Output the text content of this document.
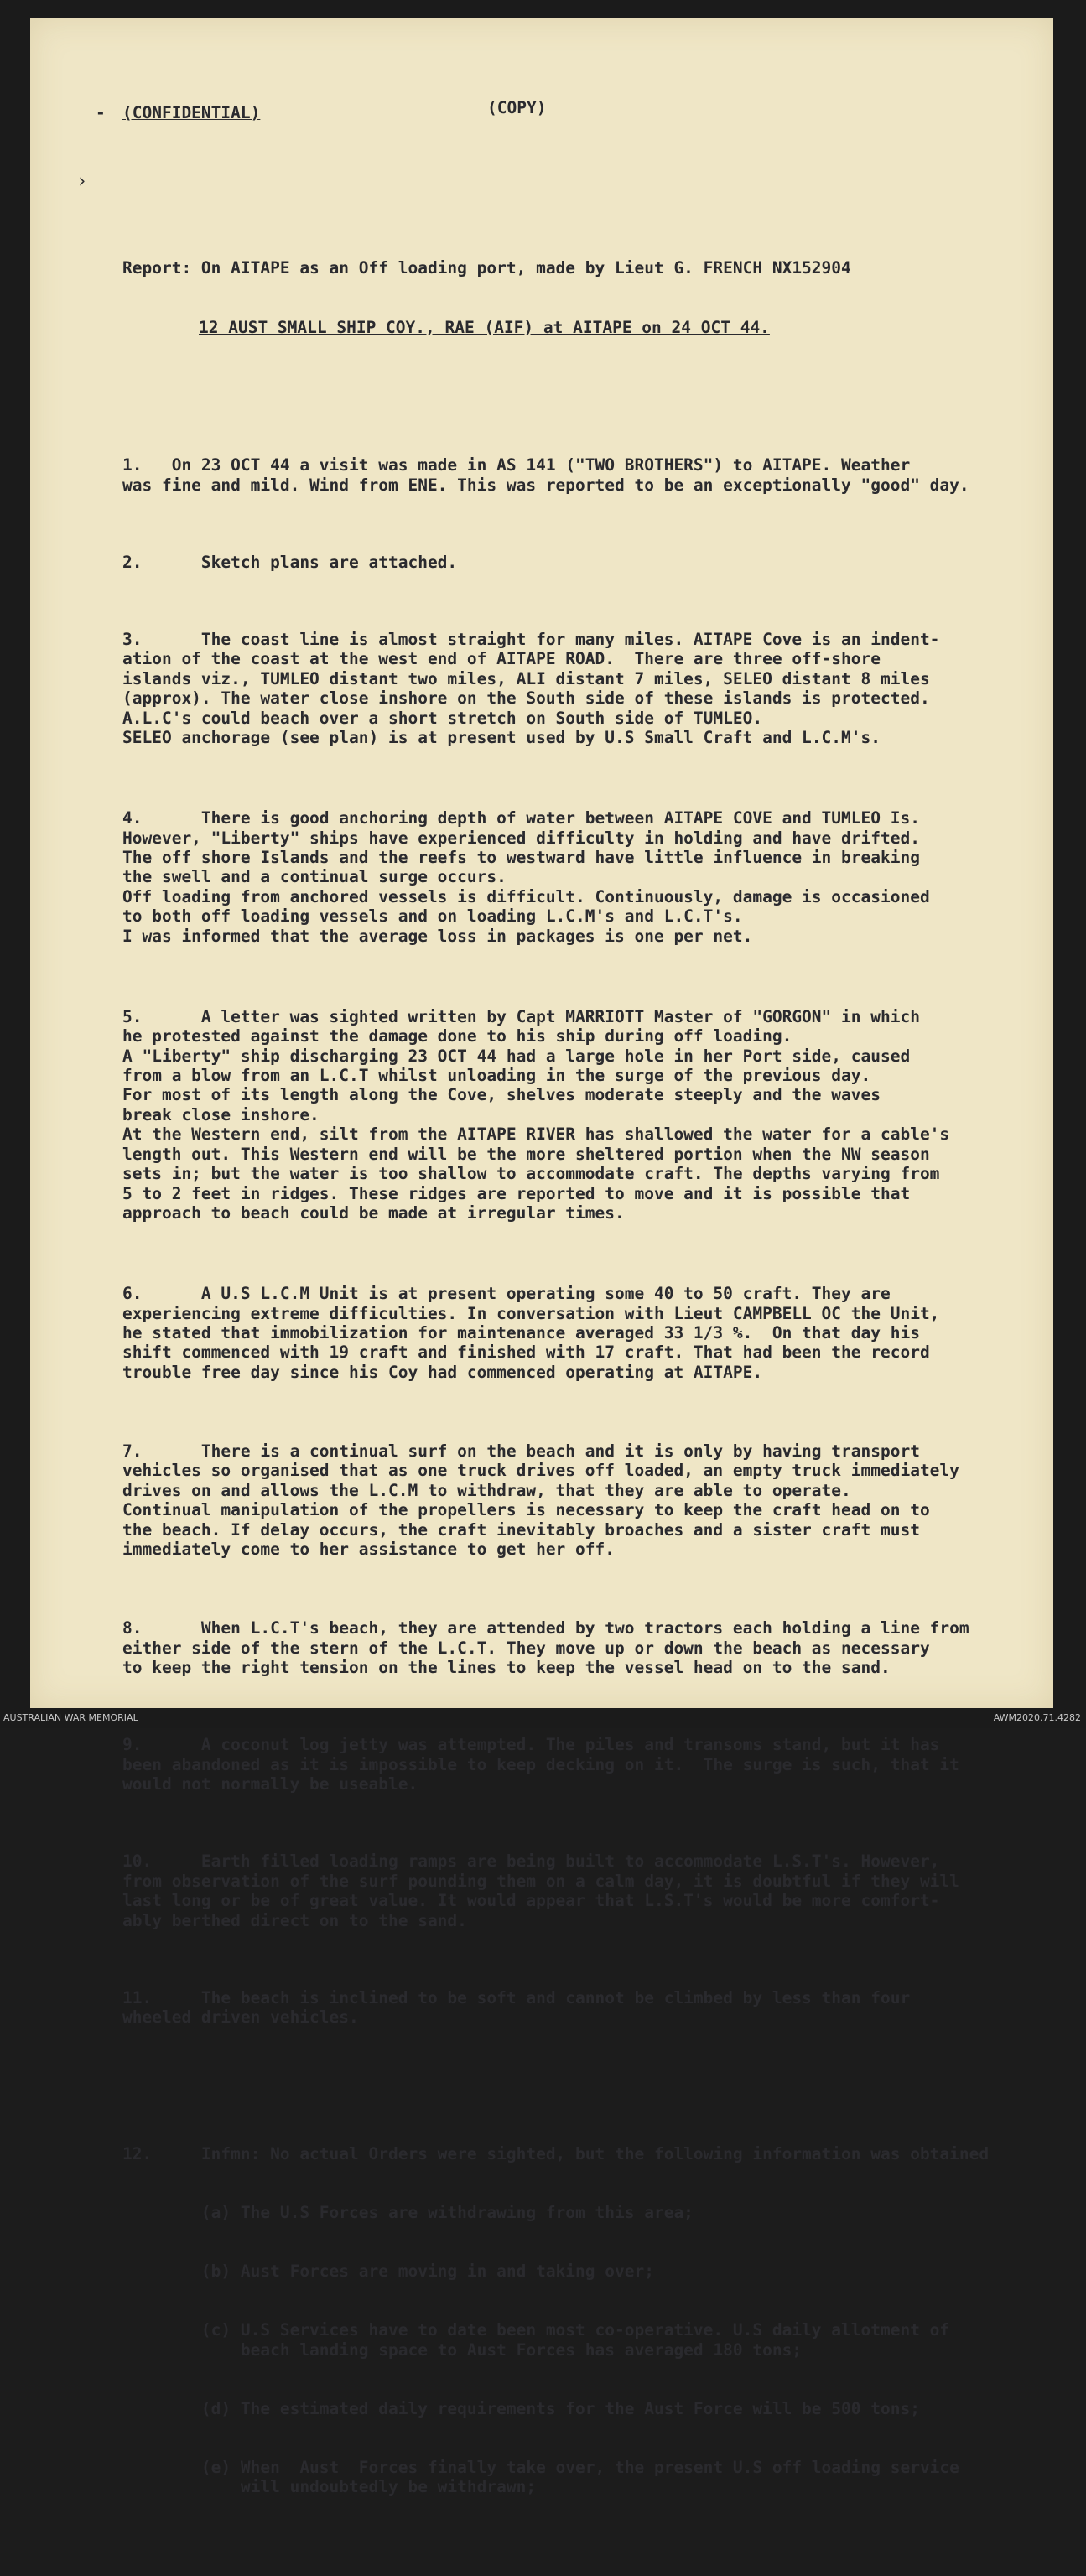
-

(CONFIDENTIAL)

	(COPY)

›

Report: On AITAPE as an Off loading port, made by Lieut G. FRENCH NX152904

12 AUST SMALL SHIP COY., RAE (AIF) at AITAPE on 24 OCT 44.

1.   On 23 OCT 44 a visit was made in AS 141 ("TWO BROTHERS") to AITAPE. Weather
was fine and mild. Wind from ENE. This was reported to be an exceptionally "good" day.

2.      Sketch plans are attached.

3.      The coast line is almost straight for many miles. AITAPE Cove is an indent-
ation of the coast at the west end of AITAPE ROAD.  There are three off-shore
islands viz., TUMLEO distant two miles, ALI distant 7 miles, SELEO distant 8 miles
(approx). The water close inshore on the South side of these islands is protected.
A.L.C's could beach over a short stretch on South side of TUMLEO.
SELEO anchorage (see plan) is at present used by U.S Small Craft and L.C.M's.

4.      There is good anchoring depth of water between AITAPE COVE and TUMLEO Is.
However, "Liberty" ships have experienced difficulty in holding and have drifted.
The off shore Islands and the reefs to westward have little influence in breaking
the swell and a continual surge occurs.
Off loading from anchored vessels is difficult. Continuously, damage is occasioned
to both off loading vessels and on loading L.C.M's and L.C.T's.
I was informed that the average loss in packages is one per net.

5.      A letter was sighted written by Capt MARRIOTT Master of "GORGON" in which
he protested against the damage done to his ship during off loading.
A "Liberty" ship discharging 23 OCT 44 had a large hole in her Port side, caused
from a blow from an L.C.T whilst unloading in the surge of the previous day.
For most of its length along the Cove, shelves moderate steeply and the waves
break close inshore.
At the Western end, silt from the AITAPE RIVER has shallowed the water for a cable's
length out. This Western end will be the more sheltered portion when the NW season
sets in; but the water is too shallow to accommodate craft. The depths varying from
5 to 2 feet in ridges. These ridges are reported to move and it is possible that
approach to beach could be made at irregular times.

6.      A U.S L.C.M Unit is at present operating some 40 to 50 craft. They are
experiencing extreme difficulties. In conversation with Lieut CAMPBELL OC the Unit,
he stated that immobilization for maintenance averaged 33 1/3 %.  On that day his
shift commenced with 19 craft and finished with 17 craft. That had been the record
trouble free day since his Coy had commenced operating at AITAPE.

7.      There is a continual surf on the beach and it is only by having transport
vehicles so organised that as one truck drives off loaded, an empty truck immediately
drives on and allows the L.C.M to withdraw, that they are able to operate.
Continual manipulation of the propellers is necessary to keep the craft head on to
the beach. If delay occurs, the craft inevitably broaches and a sister craft must
immediately come to her assistance to get her off.

8.      When L.C.T's beach, they are attended by two tractors each holding a line from
either side of the stern of the L.C.T. They move up or down the beach as necessary
to keep the right tension on the lines to keep the vessel head on to the sand.

9.      A coconut log jetty was attempted. The piles and transoms stand, but it has
been abandoned as it is impossible to keep decking on it.  The surge is such, that it
would not normally be useable.

10.     Earth filled loading ramps are being built to accommodate L.S.T's. However,
from observation of the surf pounding them on a calm day, it is doubtful if they will
last long or be of great value. It would appear that L.S.T's would be more comfort-
ably berthed direct on to the sand.

11.     The beach is inclined to be soft and cannot be climbed by less than four
wheeled driven vehicles.

12.     Infmn: No actual Orders were sighted, but the following information was obtained

(a) The U.S Forces are withdrawing from this area;

(b) Aust Forces are moving in and taking over;

(c) U.S Services have to date been most co-operative. U.S daily allotment of
beach landing space to Aust Forces has averaged 180 tons;

(d) The estimated daily requirements for the Aust Force will be 500 tons;

(e) When  Aust  Forces finally take over, the present U.S off loading service
will undoubtedly be withdrawn;

AUSTRALIAN WAR MEMORIAL	AWM2020.71.4282
